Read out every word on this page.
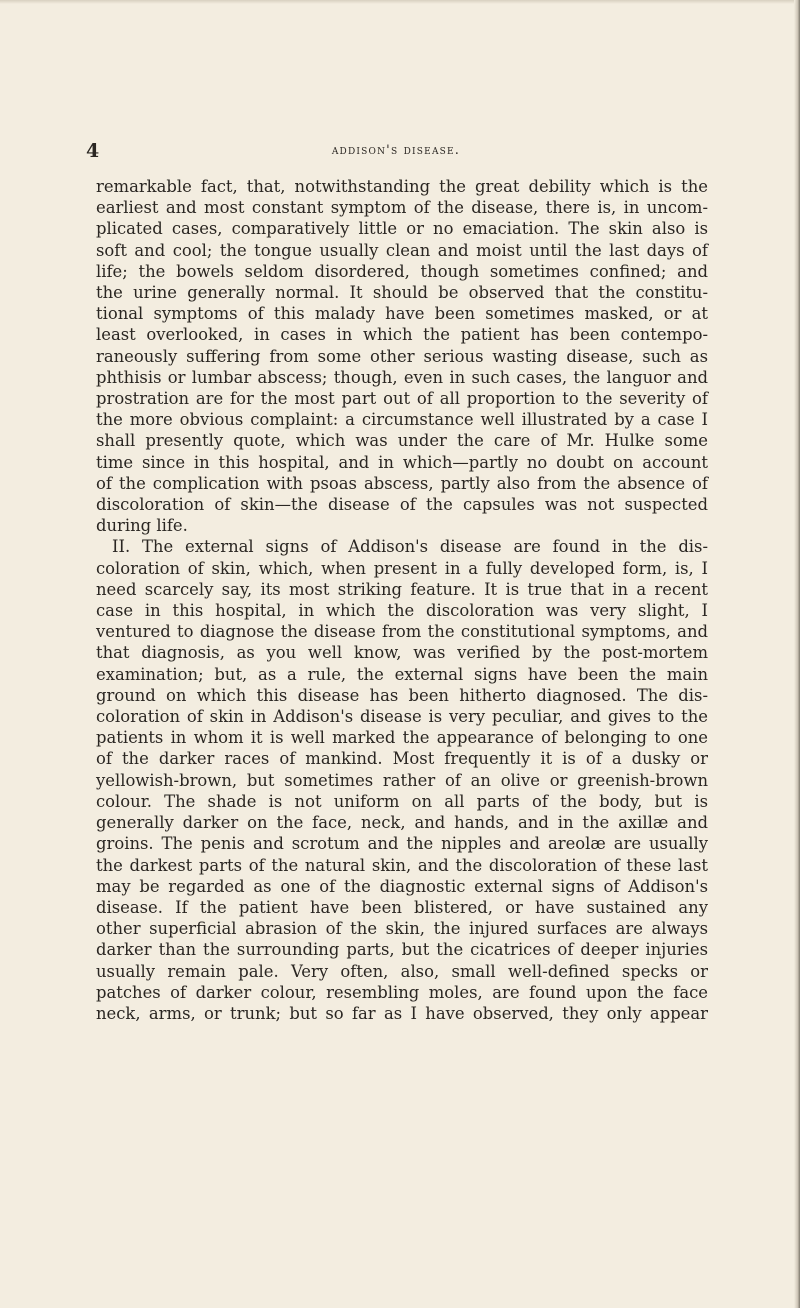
4	addison's disease.
remarkable fact, that, notwithstanding the great debility which is the
earliest and most constant symptom of the disease, there is, in uncom-
plicated cases, comparatively little or no emaciation. The skin also is
soft and cool; the tongue usually clean and moist until the last days of
life; the bowels seldom disordered, though sometimes confined; and
the urine generally normal. It should be observed that the constitu-
tional symptoms of this malady have been sometimes masked, or at
least overlooked, in cases in which the patient has been contempo-
raneously suffering from some other serious wasting disease, such as
phthisis or lumbar abscess; though, even in such cases, the languor and
prostration are for the most part out of all proportion to the severity of
the more obvious complaint: a circumstance well illustrated by a case I
shall presently quote, which was under the care of Mr. Hulke some
time since in this hospital, and in which—partly no doubt on account
of the complication with psoas abscess, partly also from the absence of
discoloration of skin—the disease of the capsules was not suspected
during life.
II. The external signs of Addison's disease are found in the dis-
coloration of skin, which, when present in a fully developed form, is, I
need scarcely say, its most striking feature. It is true that in a recent
case in this hospital, in which the discoloration was very slight, I
ventured to diagnose the disease from the constitutional symptoms, and
that diagnosis, as you well know, was verified by the post-mortem
examination; but, as a rule, the external signs have been the main
ground on which this disease has been hitherto diagnosed. The dis-
coloration of skin in Addison's disease is very peculiar, and gives to the
patients in whom it is well marked the appearance of belonging to one
of the darker races of mankind. Most frequently it is of a dusky or
yellowish-brown, but sometimes rather of an olive or greenish-brown
colour. The shade is not uniform on all parts of the body, but is
generally darker on the face, neck, and hands, and in the axillæ and
groins. The penis and scrotum and the nipples and areolæ are usually
the darkest parts of the natural skin, and the discoloration of these last
may be regarded as one of the diagnostic external signs of Addison's
disease. If the patient have been blistered, or have sustained any
other superficial abrasion of the skin, the injured surfaces are always
darker than the surrounding parts, but the cicatrices of deeper injuries
usually remain pale. Very often, also, small well-defined specks or
patches of darker colour, resembling moles, are found upon the face
neck, arms, or trunk; but so far as I have observed, they only appear
